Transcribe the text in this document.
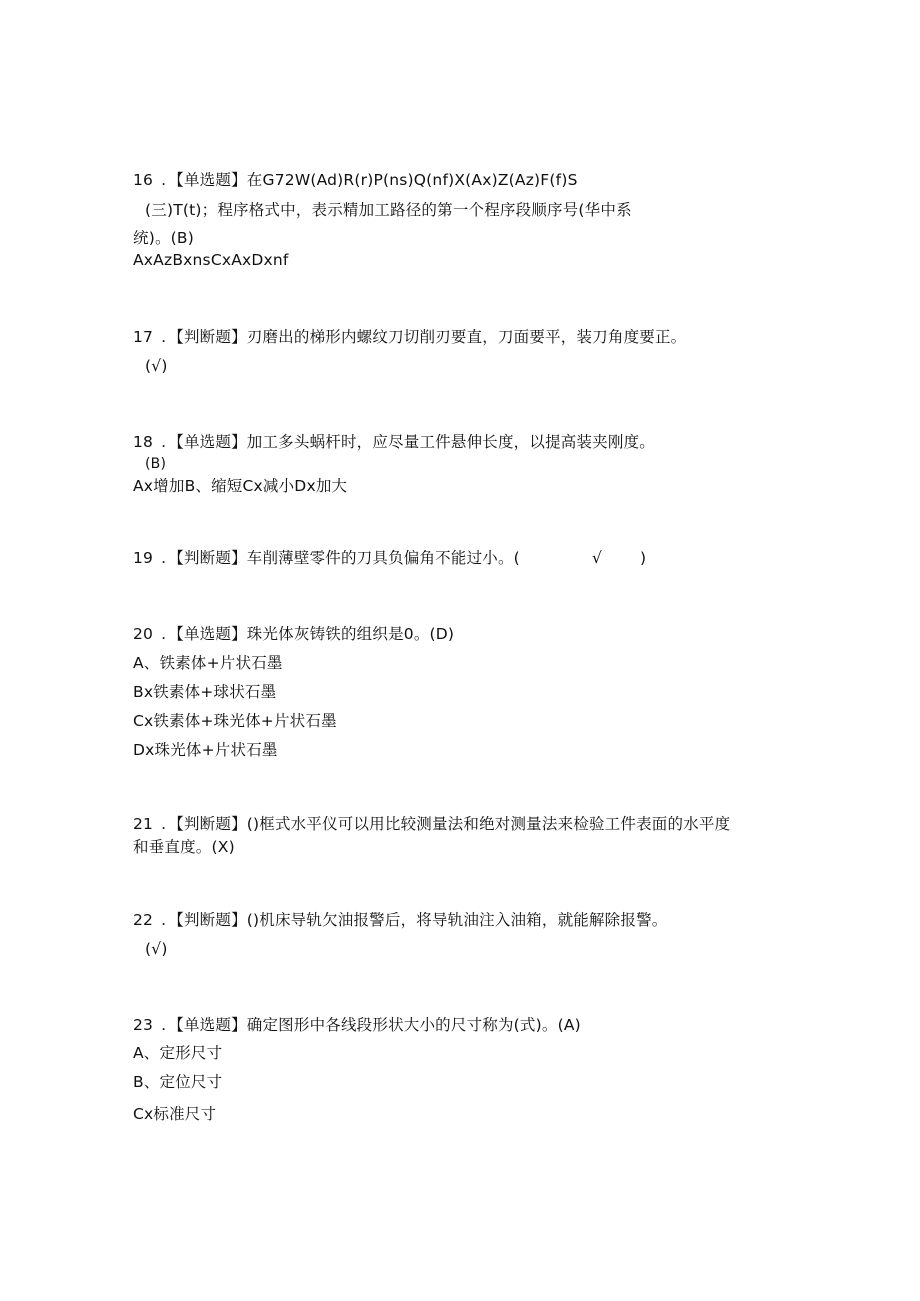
16 . 【单选题】在G72W(Ad)R(r)P(ns)Q(nf)X(Ax)Z(Az)F(f)S
(三)T(t)；程序格式中，表示精加工路径的第一个程序段顺序号(华中系
统)。(B)
AxAzBxnsCxAxDxnf
17 . 【判断题】刃磨出的梯形内螺纹刀切削刃要直，刀面要平，装刀角度要正。
(√)
18 . 【单选题】加工多头蜗杆时，应尽量工件悬伸长度，以提高装夹刚度。
(B)
Ax增加B、缩短Cx减小Dx加大
19 . 【判断题】车削薄壁零件的刀具负偏角不能过小。(	√ )
20 . 【单选题】珠光体灰铸铁的组织是0。(D)
A、铁素体+片状石墨
Bx铁素体+球状石墨
Cx铁素体+珠光体+片状石墨
Dx珠光体+片状石墨
21 . 【判断题】()框式水平仪可以用比较测量法和绝对测量法来检验工件表面的水平度
和垂直度。(X)
22 . 【判断题】()机床导轨欠油报警后，将导轨油注入油箱，就能解除报警。
(√)
23 . 【单选题】确定图形中各线段形状大小的尺寸称为(式)。(A)
A、定形尺寸
B、定位尺寸
Cx标准尺寸
